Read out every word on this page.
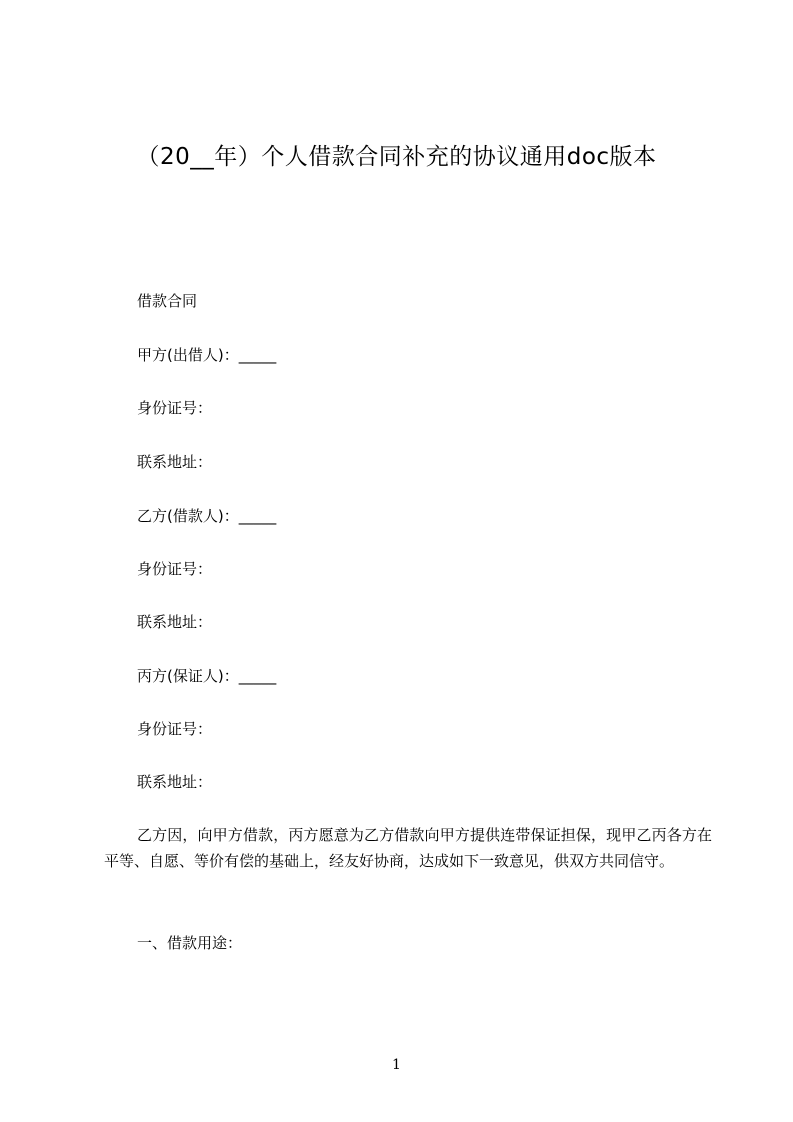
（20__年）个人借款合同补充的协议通用doc版本
借款合同
甲方(出借人)：_____
身份证号：
联系地址：
乙方(借款人)：_____
身份证号：
联系地址：
丙方(保证人)：_____
身份证号：
联系地址：
乙方因，向甲方借款，丙方愿意为乙方借款向甲方提供连带保证担保，现甲乙丙各方在平等、自愿、等价有偿的基础上，经友好协商，达成如下一致意见，供双方共同信守。
一、借款用途：
1
